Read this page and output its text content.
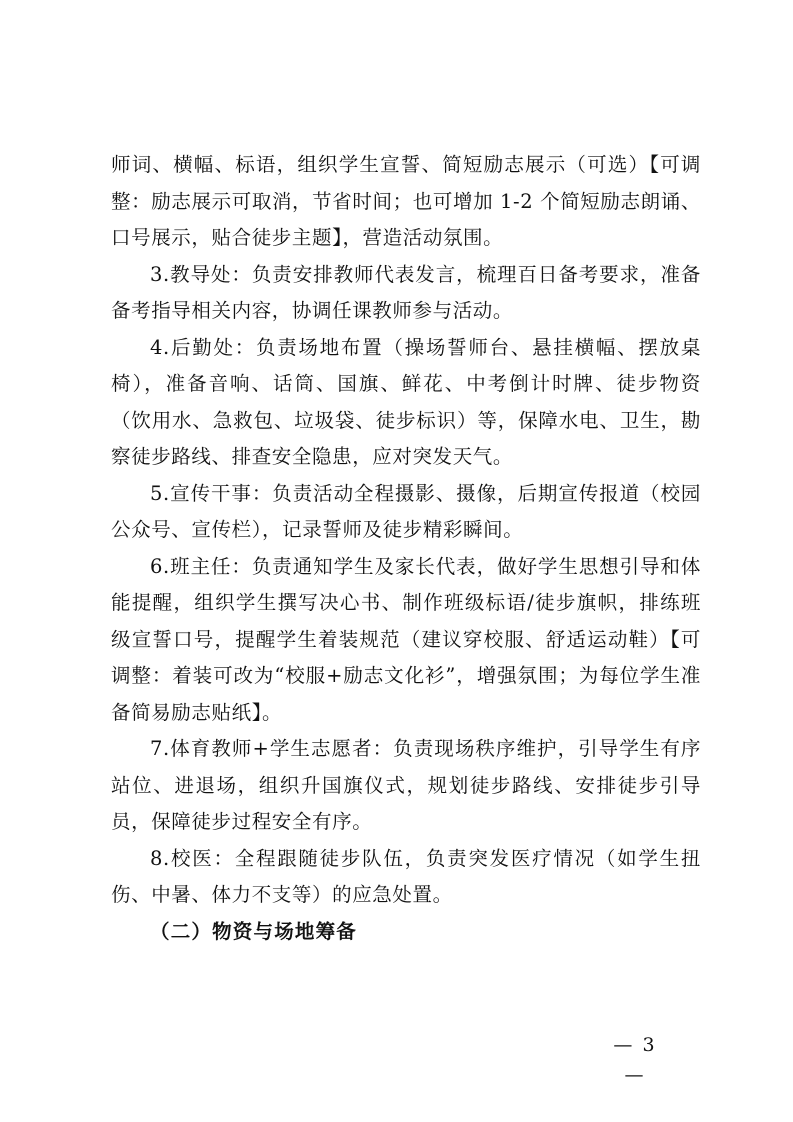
师词、横幅、标语，组织学生宣誓、简短励志展示（可选）【可调整：励志展示可取消，节省时间；也可增加 1-2 个简短励志朗诵、口号展示，贴合徒步主题】，营造活动氛围。

3.教导处：负责安排教师代表发言，梳理百日备考要求，准备备考指导相关内容，协调任课教师参与活动。

4.后勤处：负责场地布置（操场誓师台、悬挂横幅、摆放桌椅），准备音响、话筒、国旗、鲜花、中考倒计时牌、徒步物资（饮用水、急救包、垃圾袋、徒步标识）等，保障水电、卫生，勘察徒步路线、排查安全隐患，应对突发天气。

5.宣传干事：负责活动全程摄影、摄像，后期宣传报道（校园公众号、宣传栏），记录誓师及徒步精彩瞬间。

6.班主任：负责通知学生及家长代表，做好学生思想引导和体能提醒，组织学生撰写决心书、制作班级标语/徒步旗帜，排练班级宣誓口号，提醒学生着装规范（建议穿校服、舒适运动鞋）【可调整：着装可改为“校服+励志文化衫”，增强氛围；为每位学生准备简易励志贴纸】。

7.体育教师+学生志愿者：负责现场秩序维护，引导学生有序站位、进退场，组织升国旗仪式，规划徒步路线、安排徒步引导员，保障徒步过程安全有序。

8.校医：全程跟随徒步队伍，负责突发医疗情况（如学生扭伤、中暑、体力不支等）的应急处置。

（二）物资与场地筹备

— 3 —
